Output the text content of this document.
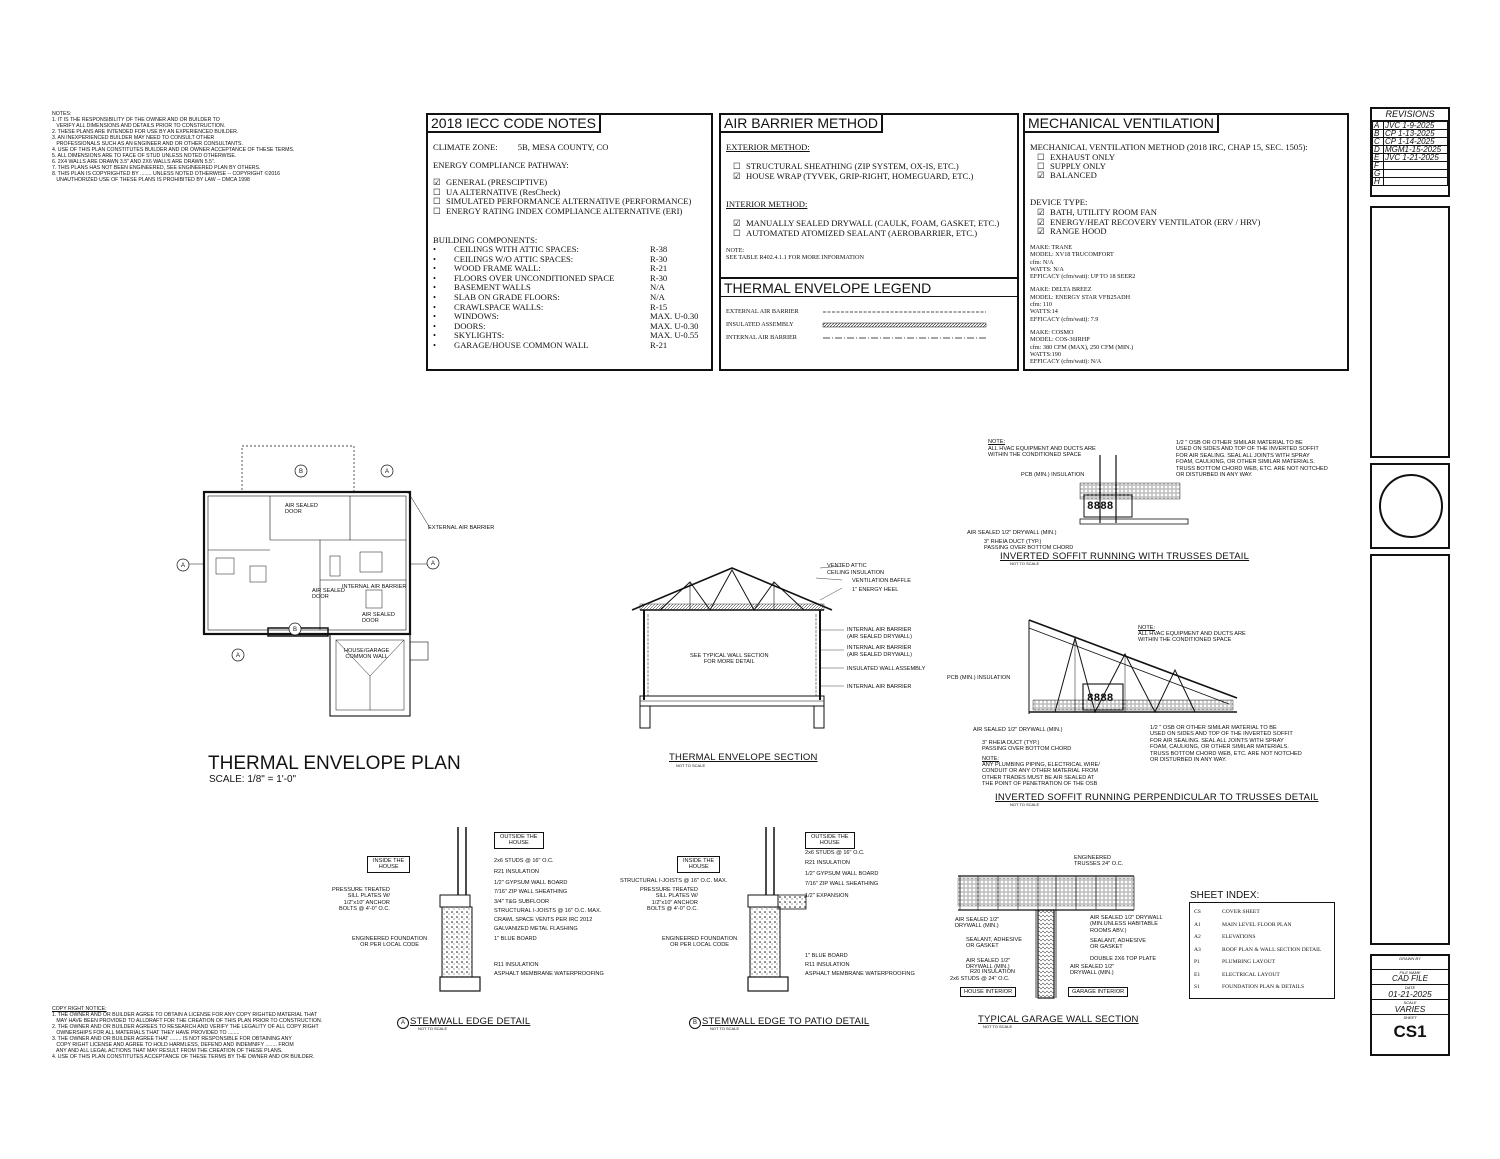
NOTES:
1. IT IS THE RESPONSIBILITY OF THE OWNER AND OR BUILDER TO
VERIFY ALL DIMENSIONS AND DETAILS PRIOR TO CONSTRUCTION.
2. THESE PLANS ARE INTENDED FOR USE BY AN EXPERIENCED BUILDER.
3. AN INEXPERIENCED BUILDER MAY NEED TO CONSULT OTHER
PROFESSIONALS SUCH AS AN ENGINEER AND OR OTHER CONSULTANTS.
4. USE OF THIS PLAN CONSTITUTES BUILDER AND OR OWNER ACCEPTANCE OF THESE TERMS.
5. ALL DIMENSIONS ARE TO FACE OF STUD UNLESS NOTED OTHERWISE.
6. 2X4 WALLS ARE DRAWN 3.5" AND 2X6 WALLS ARE DRAWN 5.5".
7. THIS PLANS HAS NOT BEEN ENGINEERED, SEE ENGINEERED PLAN BY OTHERS.
8. THIS PLAN IS COPYRIGHTED BY ........ UNLESS NOTED OTHERWISE -- COPYRIGHT ©2016
UNAUTHORIZED USE OF THESE PLANS IS PROHIBITED BY LAW -- DMCA 1998
COPY RIGHT NOTICE:
1. THE OWNER AND OR BUILDER AGREE TO OBTAIN A LICENSE FOR ANY COPY RIGHTED MATERIAL THAT
MAY HAVE BEEN PROVIDED TO ALLDRAFT FOR THE CREATION OF THIS PLAN PRIOR TO CONSTRUCTION.
2. THE OWNER AND OR BUILDER AGREES TO RESEARCH AND VERIFY THE LEGALITY OF ALL COPY RIGHT
OWNERSHIPS FOR ALL MATERIALS THAT THEY HAVE PROVIDED TO ........
3. THE OWNER AND OR BUILDER AGREE THAT ........ IS NOT RESPONSIBLE FOR OBTAINING ANY
COPY RIGHT LICENSE AND AGREE TO HOLD HARMLESS, DEFEND AND INDEMNIFY ........ FROM
ANY AND ALL LEGAL ACTIONS THAT MAY RESULT FROM THE CREATION OF THESE PLANS.
4. USE OF THIS PLAN CONSTITUTES ACCEPTANCE OF THESE TERMS BY THE OWNER AND OR BUILDER.
2018 IECC CODE NOTES
CLIMATE ZONE: 5B, MESA COUNTY, CO
ENERGY COMPLIANCE PATHWAY:
☑ GENERAL (PRESCIPTIVE)
☐ UA ALTERNATIVE (ResCheck)
☐ SIMULATED PERFORMANCE ALTERNATIVE (PERFORMANCE)
☐ ENERGY RATING INDEX COMPLIANCE ALTERNATIVE (ERI)
BUILDING COMPONENTS:
•	CEILINGS WITH ATTIC SPACES:	R-38
•	CEILINGS W/O ATTIC SPACES:	R-30
•	WOOD FRAME WALL:	R-21
•	FLOORS OVER UNCONDITIONED SPACE	R-30
•	BASEMENT WALLS	N/A
•	SLAB ON GRADE FLOORS:	N/A
•	CRAWLSPACE WALLS:	R-15
•	WINDOWS:	MAX. U-0.30
•	DOORS:	MAX. U-0.30
•	SKYLIGHTS:	MAX. U-0.55
•	GARAGE/HOUSE COMMON WALL	R-21
AIR BARRIER METHOD
EXTERIOR METHOD:
☐ STRUCTURAL SHEATHING (ZIP SYSTEM, OX-IS, ETC.)
☑ HOUSE WRAP (TYVEK, GRIP-RIGHT, HOMEGUARD, ETC.)
INTERIOR METHOD:
☑ MANUALLY SEALED DRYWALL (CAULK, FOAM, GASKET, ETC.)
☐ AUTOMATED ATOMIZED SEALANT (AEROBARRIER, ETC.)
NOTE:
SEE TABLE R402.4.1.1 FOR MORE INFORMATION
THERMAL ENVELOPE LEGEND
EXTERNAL AIR BARRIER
INSULATED ASSEMBLY
INTERNAL AIR BARRIER
MECHANICAL VENTILATION
MECHANICAL VENTILATION METHOD (2018 IRC, CHAP 15, SEC. 1505):
☐ EXHAUST ONLY
☐ SUPPLY ONLY
☑ BALANCED
DEVICE TYPE:
☑ BATH, UTILITY ROOM FAN
☑ ENERGY/HEAT RECOVERY VENTILATOR (ERV / HRV)
☑ RANGE HOOD
MAKE: TRANE
MODEL: XV18 TRUCOMFORT
cfm: N/A
WATTS: N/A
EFFICACY (cfm/watt): UP TO 18 SEER2
MAKE: DELTA BREEZ
MODEL: ENERGY STAR VFB25ADH
cfm: 110
WATTS:14
EFFICACY (cfm/watt): 7.9
MAKE: COSMO
MODEL: COS-36IRHP
cfm: 380 CFM (MAX), 250 CFM (MIN.)
WATTS:190
EFFICACY (cfm/watt): N/A
REVISIONS
A	JVC 1-9-2025
B	CP 1-13-2025
C	CP 1-14-2025
D	MGM1-15-2025
E	JVC 1-21-2025
F	
G	
H	
DRAWN BY
FILE NAME
CAD FILE
DATE
01-21-2025
SCALE
VARIES
SHEET
CS1
B	A
A	A
B
A
AIR SEALED
DOOR
EXTERNAL AIR BARRIER
INTERNAL AIR BARRIER
AIR SEALED
DOOR
AIR SEALED
DOOR
HOUSE/GARAGE
COMMON WALL
THERMAL ENVELOPE PLAN
SCALE: 1/8" = 1'-0"
VENTED ATTIC
CEILING INSULATION
VENTILATION BAFFLE
1" ENERGY HEEL
INTERNAL AIR BARRIER
(AIR SEALED DRYWALL)
INTERNAL AIR BARRIER
(AIR SEALED DRYWALL)
INSULATED WALL ASSEMBLY
INTERNAL AIR BARRIER
SEE TYPICAL WALL SECTION
FOR MORE DETAIL
THERMAL ENVELOPE SECTION
NOT TO SCALE
8888
NOTE:
ALL HVAC EQUIPMENT AND DUCTS ARE
WITHIN THE CONDITIONED SPACE
1/2 " OSB OR OTHER SIMILAR MATERIAL TO BE
USED ON SIDES AND TOP OF THE INVERTED SOFFIT
FOR AIR SEALING. SEAL ALL JOINTS WITH SPRAY
FOAM, CAULKING, OR OTHER SIMILAR MATERIALS.
TRUSS BOTTOM CHORD WEB, ETC. ARE NOT NOTCHED
OR DISTURBED IN ANY WAY.
PCB (MIN.) INSULATION
AIR SEALED 1/2" DRYWALL (MIN.)
3" RHEIA DUCT (TYP.)
PASSING OVER BOTTOM CHORD
INVERTED SOFFIT RUNNING WITH TRUSSES DETAIL
NOT TO SCALE
8888
NOTE:
ALL HVAC EQUIPMENT AND DUCTS ARE
WITHIN THE CONDITIONED SPACE
PCB (MIN.) INSULATION
AIR SEALED 1/2" DRYWALL (MIN.)
3" RHEIA DUCT (TYP.)
PASSING OVER BOTTOM CHORD
NOTE:
ANY PLUMBING PIPING, ELECTRICAL WIRE/
CONDUIT OR ANY OTHER MATERIAL FROM
OTHER TRADES MUST BE AIR SEALED AT
THE POINT OF PENETRATION OF THE OSB
1/2 " OSB OR OTHER SIMILAR MATERIAL TO BE
USED ON SIDES AND TOP OF THE INVERTED SOFFIT
FOR AIR SEALING. SEAL ALL JOINTS WITH SPRAY
FOAM, CAULKING, OR OTHER SIMILAR MATERIALS.
TRUSS BOTTOM CHORD WEB, ETC. ARE NOT NOTCHED
OR DISTURBED IN ANY WAY.
INVERTED SOFFIT RUNNING PERPENDICULAR TO TRUSSES DETAIL
NOT TO SCALE
OUTSIDE THE
HOUSE
INSIDE THE
HOUSE
OUTSIDE THE
HOUSE
INSIDE THE
HOUSE
A STEMWALL EDGE DETAIL
NOT TO SCALE
B STEMWALL EDGE TO PATIO DETAIL
NOT TO SCALE
ENGINEERED
TRUSSES 24" O.C.
HOUSE INTERIOR	GARAGE INTERIOR
TYPICAL GARAGE WALL SECTION
NOT TO SCALE
SHEET INDEX:
CS	COVER SHEET
A1	MAIN LEVEL FLOOR PLAN
A2	ELEVATIONS
A3	ROOF PLAN & WALL SECTION DETAIL
P1	PLUMBING LAYOUT
E1	ELECTRICAL LAYOUT
S1	FOUNDATION PLAN & DETAILS
2x6 STUDS @ 16" O.C.
R21 INSULATION
1/2" GYPSUM WALL BOARD
7/16" ZIP WALL SHEATHING
3/4" T&G SUBFLOOR
STRUCTURAL I-JOISTS @ 16" O.C. MAX.
CRAWL SPACE VENTS PER IRC 2012
GALVANIZED METAL FLASHING
1" BLUE BOARD
R11 INSULATION
ASPHALT MEMBRANE WATERPROOFING
PRESSURE TREATED
SILL PLATES W/
1/2"x10" ANCHOR
BOLTS @ 4'-0" O.C.
ENGINEERED FOUNDATION
OR PER LOCAL CODE
2x6 STUDS @ 16" O.C.
R21 INSULATION
1/2" GYPSUM WALL BOARD
7/16" ZIP WALL SHEATHING
1/2" EXPANSION
1" BLUE BOARD
R11 INSULATION
ASPHALT MEMBRANE WATERPROOFING
STRUCTURAL I-JOISTS @ 16" O.C. MAX.
PRESSURE TREATED
SILL PLATES W/
1/2"x10" ANCHOR
BOLTS @ 4'-0" O.C.
ENGINEERED FOUNDATION
OR PER LOCAL CODE
AIR SEALED 1/2"
DRYWALL (MIN.)
SEALANT, ADHESIVE
OR GASKET
AIR SEALED 1/2"
DRYWALL (MIN.)
R20 INSULATION
2x6 STUDS @ 24" O.C.
AIR SEALED 1/2" DRYWALL
(MIN.UNLESS HABITABLE
ROOMS ABV.)
SEALANT, ADHESIVE
OR GASKET
DOUBLE 2X6 TOP PLATE
AIR SEALED 1/2"
DRYWALL (MIN.)
